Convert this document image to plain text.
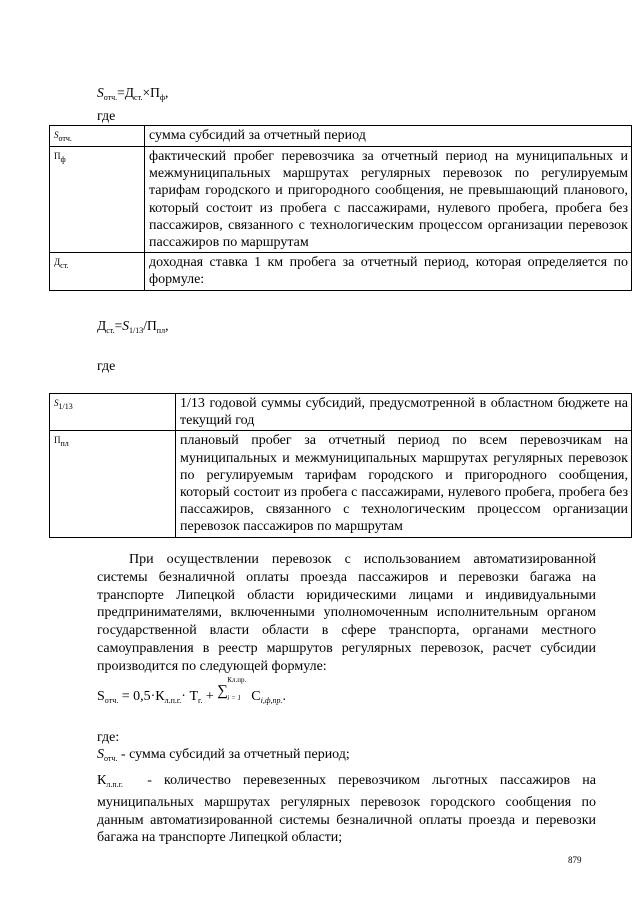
$S_{отч.}=Д_{ст.}\times П_ф$,
где
Sотч.	сумма субсидий за отчетный период
Пф	фактический пробег перевозчика за отчетный период на муниципальных и межмуниципальных маршрутах регулярных перевозок по регулируемым тарифам городского и пригородного сообщения, не превышающий планового, который состоит из пробега с пассажирами, нулевого пробега, пробега без пассажиров, связанного с технологическим процессом организации перевозок пассажиров по маршрутам
Дст.	доходная ставка 1 км пробега за отчетный период, которая определяется по формуле:
$Д_{ст.}=S_{1/13}/П_{пл}$,
где
S1/13	1/13 годовой суммы субсидий, предусмотренной в областном бюджете на текущий год
Ппл	плановый пробег за отчетный период по всем перевозчикам на муниципальных и межмуниципальных маршрутах регулярных перевозок по регулируемым тарифам городского и пригородного сообщения, который состоит из пробега с пассажирами, нулевого пробега, пробега без пассажиров, связанного с технологическим процессом организации перевозок пассажиров по маршрутам
При осуществлении перевозок с использованием автоматизированной системы безналичной оплаты проезда пассажиров и перевозки багажа на транспорте Липецкой области юридическими лицами и индивидуальными предпринимателями, включенными уполномоченным исполнительным органом государственной власти области в сфере транспорта, органами местного самоуправления в реестр маршрутов регулярных перевозок, расчет субсидии производится по следующей формуле:
$S_{отч.} = 0,5\cdot К_{л.п.г.}\cdot Т_{г.}$ + ∑
Кл.пр.
i = 1 $C_{i,ф,пр.}$.
где:
$S_{отч.}$ - сумма субсидий за отчетный период;
$К_{л.п.г.}$ - количество перевезенных перевозчиком льготных пассажиров на муниципальных маршрутах регулярных перевозок городского сообщения по данным автоматизированной системы безналичной оплаты проезда и перевозки багажа на транспорте Липецкой области;
879
